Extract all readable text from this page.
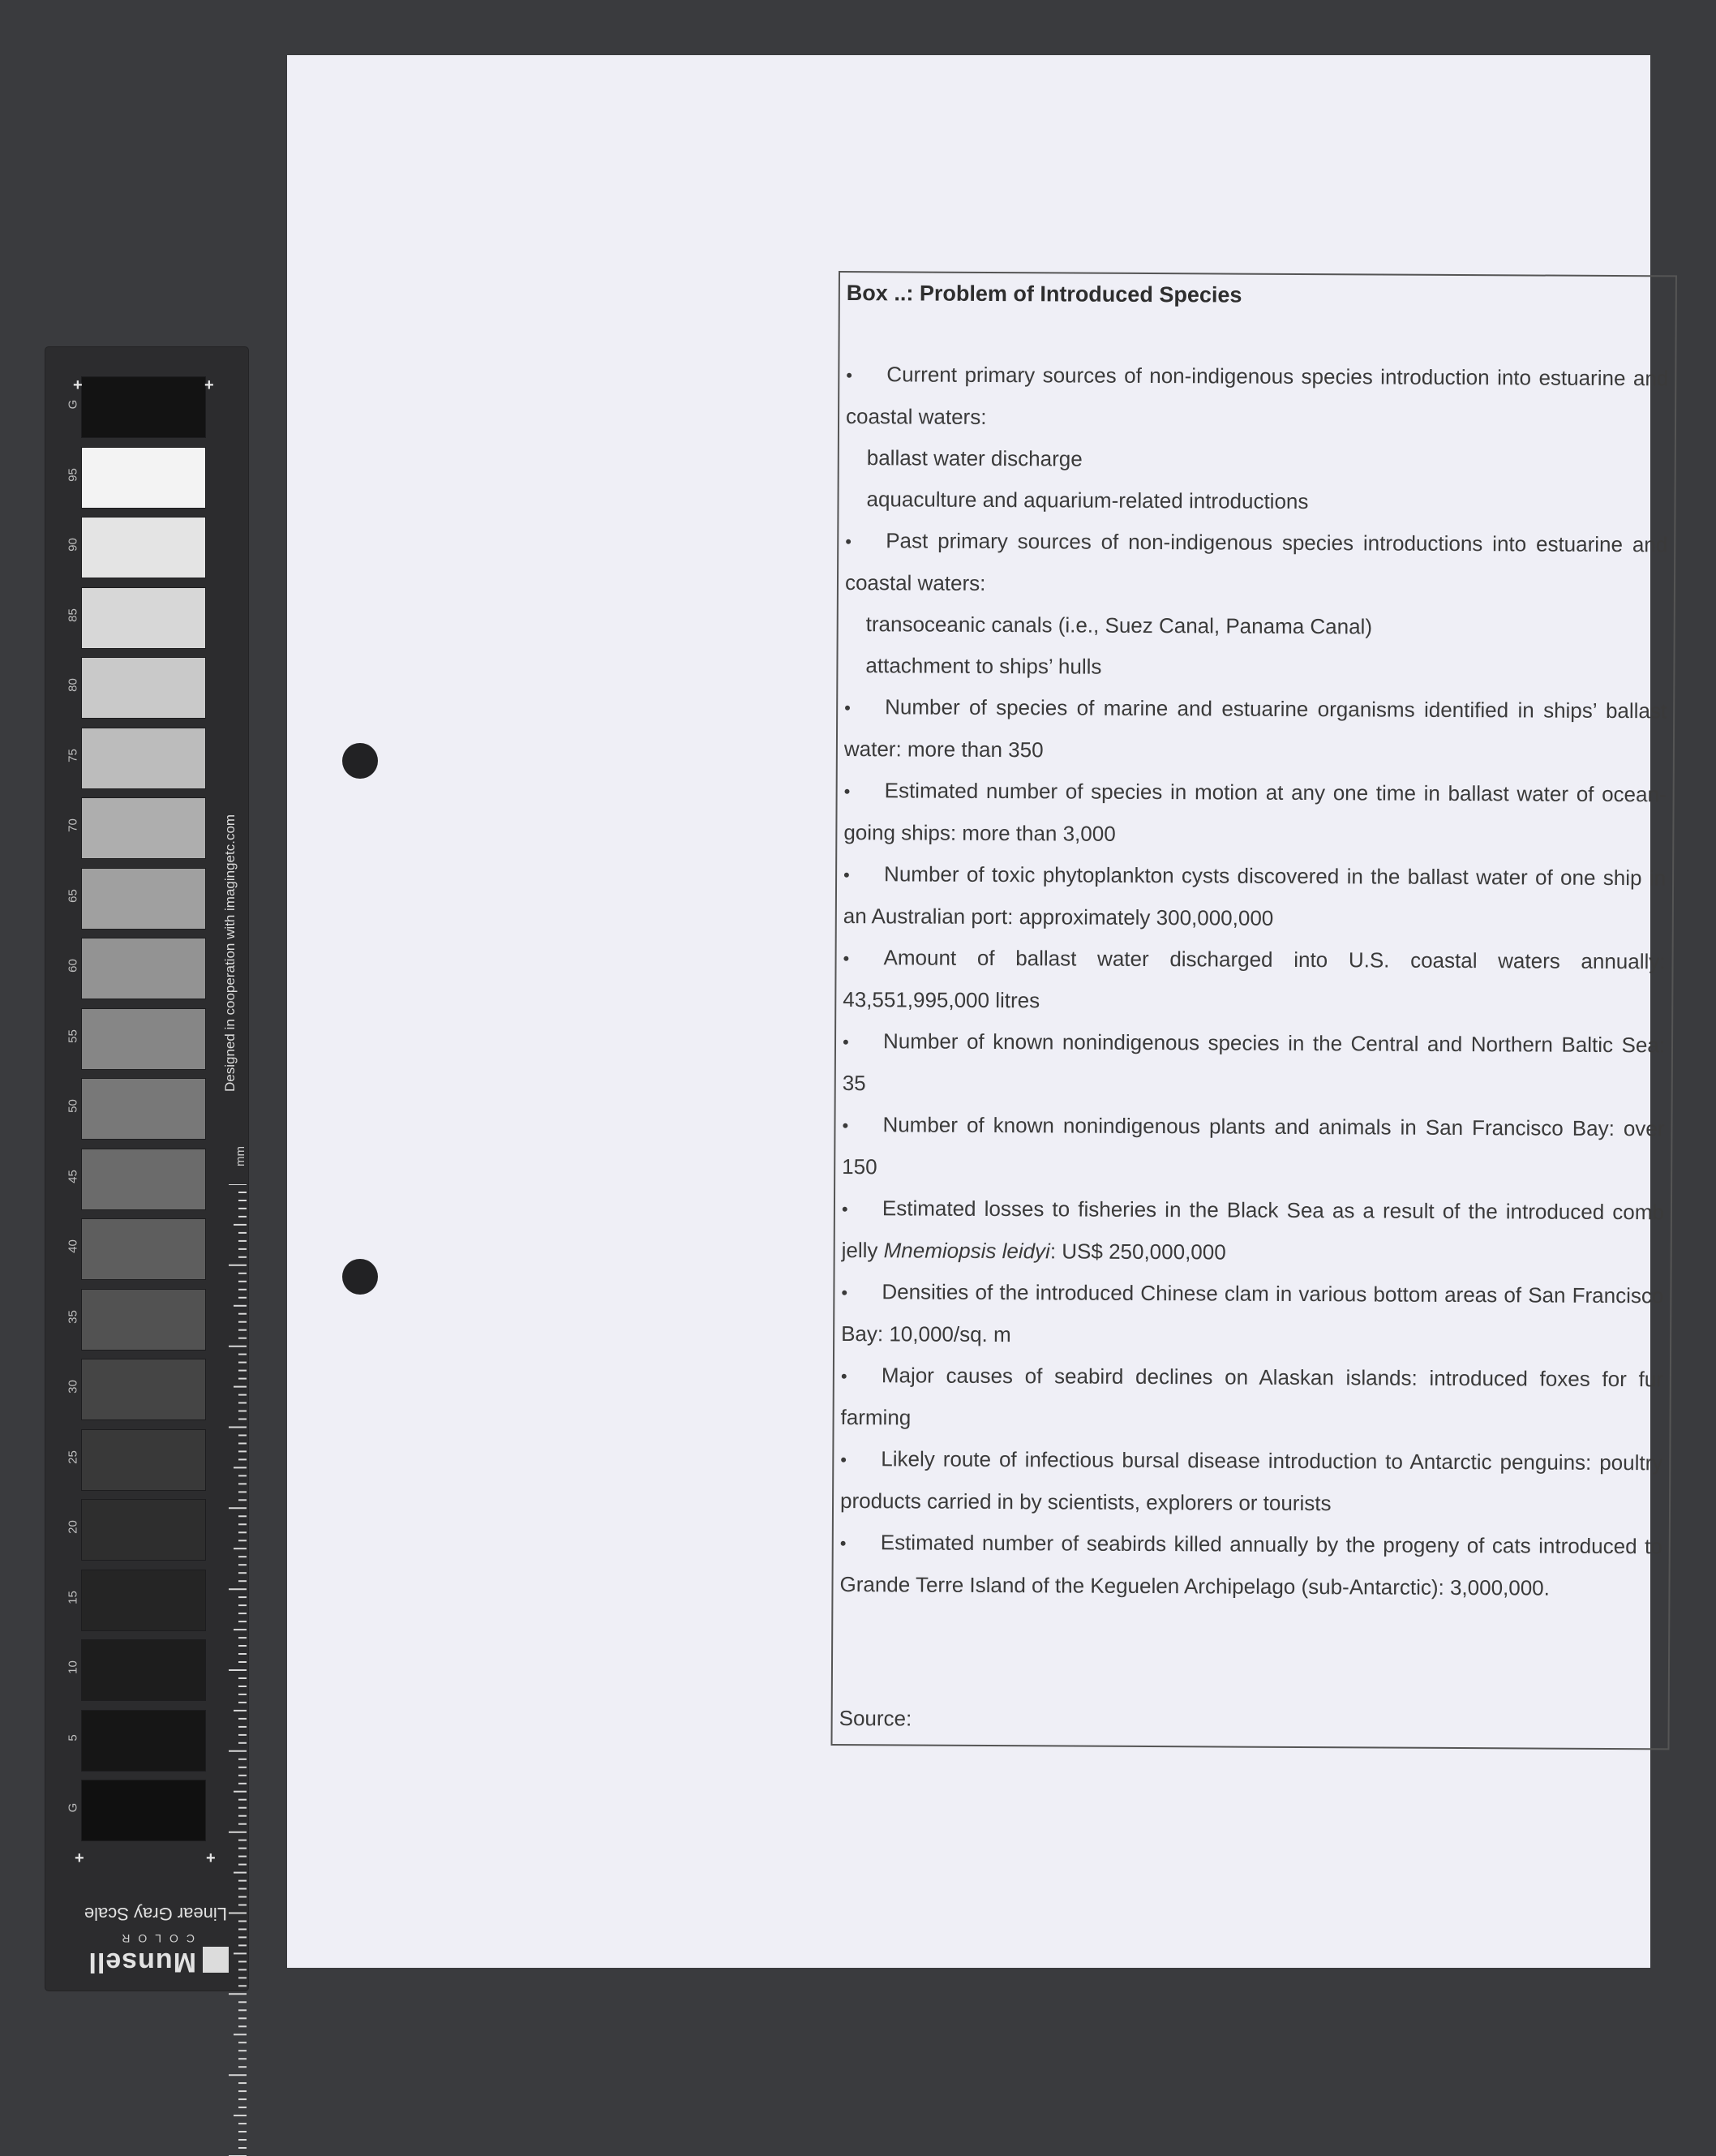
G
95
90
85
80
75
70
65
60
55
50
45
40
35
30
25
20
15
10
5
G
+	+
+	+
Designed in cooperation with imagingetc.com
mm
Munsell
COLOR
Linear Gray Scale
Box ..: Problem of Introduced Species
• Current primary sources of non-indigenous species introduction into estuarine and coastal waters:
ballast water discharge
aquaculture and aquarium-related introductions
• Past primary sources of non-indigenous species introductions into estuarine and coastal waters:
transoceanic canals (i.e., Suez Canal, Panama Canal)
attachment to ships’ hulls
• Number of species of marine and estuarine organisms identified in ships’ ballast water: more than 350
• Estimated number of species in motion at any one time in ballast water of ocean-going ships: more than 3,000
• Number of toxic phytoplankton cysts discovered in the ballast water of one ship in an Australian port: approximately 300,000,000
• Amount of ballast water discharged into U.S. coastal waters annually: 43,551,995,000 litres
• Number of known nonindigenous species in the Central and Northern Baltic Sea: 35
• Number of known nonindigenous plants and animals in San Francisco Bay: over 150
• Estimated losses to fisheries in the Black Sea as a result of the introduced comb jelly Mnemiopsis leidyi: US$ 250,000,000
• Densities of the introduced Chinese clam in various bottom areas of San Francisco Bay: 10,000/sq. m
• Major causes of seabird declines on Alaskan islands: introduced foxes for fur farming
• Likely route of infectious bursal disease introduction to Antarctic penguins: poultry products carried in by scientists, explorers or tourists
• Estimated number of seabirds killed annually by the progeny of cats introduced to Grande Terre Island of the Keguelen Archipelago (sub-Antarctic): 3,000,000.
Source:
